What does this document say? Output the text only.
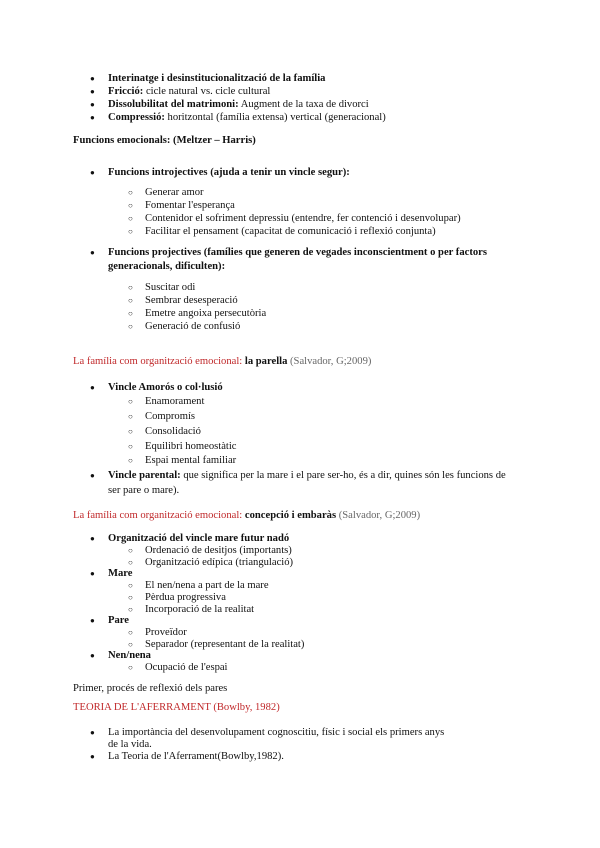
● Interinatge i desinstitucionalització de la família
● Fricció: cicle natural vs. cicle cultural
● Dissolubilitat del matrimoni: Augment de la taxa de divorci
● Compressió: horitzontal (família extensa) vertical (generacional)
Funcions emocionals: (Meltzer – Harris)
● Funcions introjectives (ajuda a tenir un vincle segur):
○ Generar amor
○ Fomentar l'esperança
○ Contenidor el sofriment depressiu (entendre, fer contenció i desenvolupar)
○ Facilitar el pensament (capacitat de comunicació i reflexió conjunta)
● Funcions projectives (famílies que generen de vegades inconscientment o per factors
generacionals, dificulten):
○ Suscitar odi
○ Sembrar desesperació
○ Emetre angoixa persecutòria
○ Generació de confusió
La família com organització emocional: la parella (Salvador, G;2009)
● Vincle Amorós o col·lusió
○ Enamorament
○ Compromís
○ Consolidació
○ Equilibri homeostàtic
○ Espai mental familiar
● Vincle parental: que significa per la mare i el pare ser-ho, és a dir, quines són les funcions de
ser pare o mare).
La família com organització emocional: concepció i embaràs (Salvador, G;2009)
● Organització del vincle mare futur nadó
○ Ordenació de desitjos (importants)
○ Organització edípica (triangulació)
● Mare
○ El nen/nena a part de la mare
○ Pèrdua progressiva
○ Incorporació de la realitat
● Pare
○ Proveïdor
○ Separador (representant de la realitat)
● Nen/nena
○ Ocupació de l'espai
Primer, procés de reflexió dels pares
TEORIA DE L'AFERRAMENT (Bowlby, 1982)
● La importància del desenvolupament cognoscitiu, físic i social els primers anys
de la vida.
● La Teoria de l'Aferrament(Bowlby,1982).
